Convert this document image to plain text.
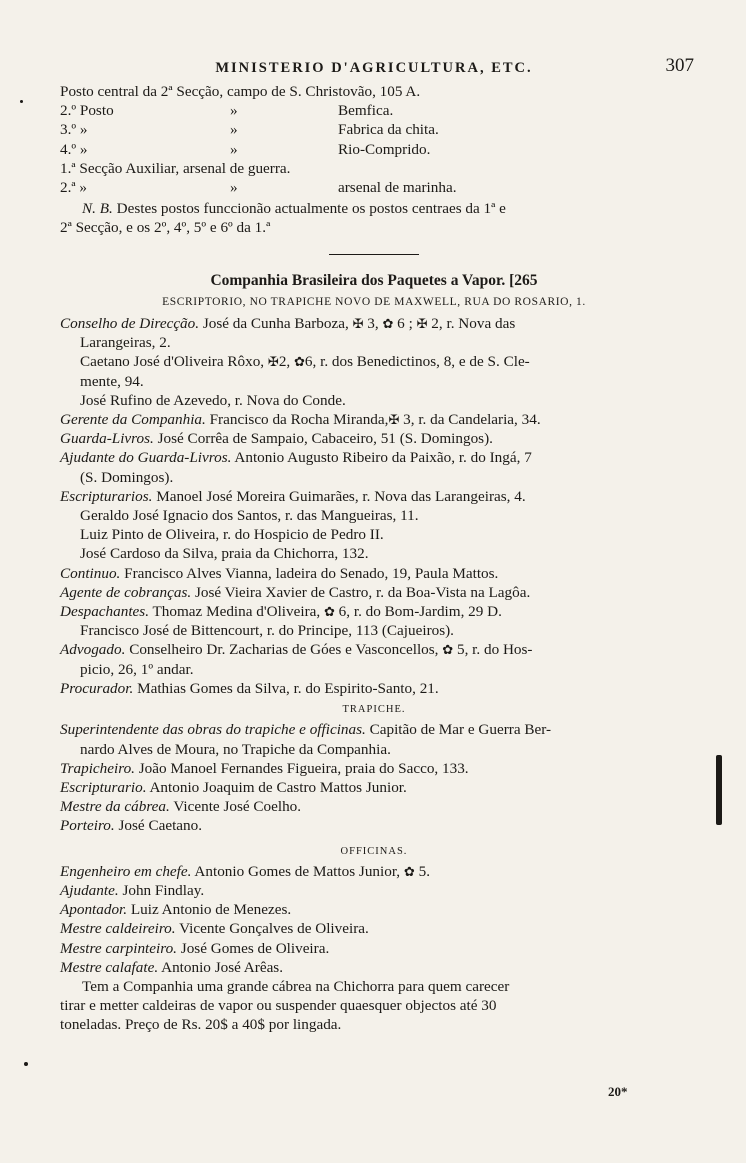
MINISTERIO D'AGRICULTURA, ETC.	307
Posto central da 2ª Secção, campo de S. Christovão, 105 A.
2.º Posto	»	Bemfica.
3.º »	»	Fabrica da chita.
4.º »	»	Rio-Comprido.
1.ª Secção Auxiliar, arsenal de guerra.
2.ª »	»	arsenal de marinha.
N. B. Destes postos funccionão actualmente os postos centraes da 1ª e
2ª Secção, e os 2º, 4º, 5º e 6º da 1.ª
Companhia Brasileira dos Paquetes a Vapor. [265
ESCRIPTORIO, NO TRAPICHE NOVO DE MAXWELL, RUA DO ROSARIO, 1.
Conselho de Direcção. José da Cunha Barboza, ✠ 3, ✿ 6 ; ✠ 2, r. Nova das
Larangeiras, 2.
Caetano José d'Oliveira Rôxo, ✠2, ✿6, r. dos Benedictinos, 8, e de S. Cle-
mente, 94.
José Rufino de Azevedo, r. Nova do Conde.
Gerente da Companhia. Francisco da Rocha Miranda,✠ 3, r. da Candelaria, 34.
Guarda-Livros. José Corrêa de Sampaio, Cabaceiro, 51 (S. Domingos).
Ajudante do Guarda-Livros. Antonio Augusto Ribeiro da Paixão, r. do Ingá, 7
(S. Domingos).
Escripturarios. Manoel José Moreira Guimarães, r. Nova das Larangeiras, 4.
Geraldo José Ignacio dos Santos, r. das Mangueiras, 11.
Luiz Pinto de Oliveira, r. do Hospicio de Pedro II.
José Cardoso da Silva, praia da Chichorra, 132.
Continuo. Francisco Alves Vianna, ladeira do Senado, 19, Paula Mattos.
Agente de cobranças. José Vieira Xavier de Castro, r. da Boa-Vista na Lagôa.
Despachantes. Thomaz Medina d'Oliveira, ✿ 6, r. do Bom-Jardim, 29 D.
Francisco José de Bittencourt, r. do Principe, 113 (Cajueiros).
Advogado. Conselheiro Dr. Zacharias de Góes e Vasconcellos, ✿ 5, r. do Hos-
picio, 26, 1º andar.
Procurador. Mathias Gomes da Silva, r. do Espirito-Santo, 21.
TRAPICHE.
Superintendente das obras do trapiche e officinas. Capitão de Mar e Guerra Ber-
nardo Alves de Moura, no Trapiche da Companhia.
Trapicheiro. João Manoel Fernandes Figueira, praia do Sacco, 133.
Escripturario. Antonio Joaquim de Castro Mattos Junior.
Mestre da cábrea. Vicente José Coelho.
Porteiro. José Caetano.
OFFICINAS.
Engenheiro em chefe. Antonio Gomes de Mattos Junior, ✿ 5.
Ajudante. John Findlay.
Apontador. Luiz Antonio de Menezes.
Mestre caldeireiro. Vicente Gonçalves de Oliveira.
Mestre carpinteiro. José Gomes de Oliveira.
Mestre calafate. Antonio José Arêas.
Tem a Companhia uma grande cábrea na Chichorra para quem carecer
tirar e metter caldeiras de vapor ou suspender quaesquer objectos até 30
toneladas. Preço de Rs. 20$ a 40$ por lingada.
20*
